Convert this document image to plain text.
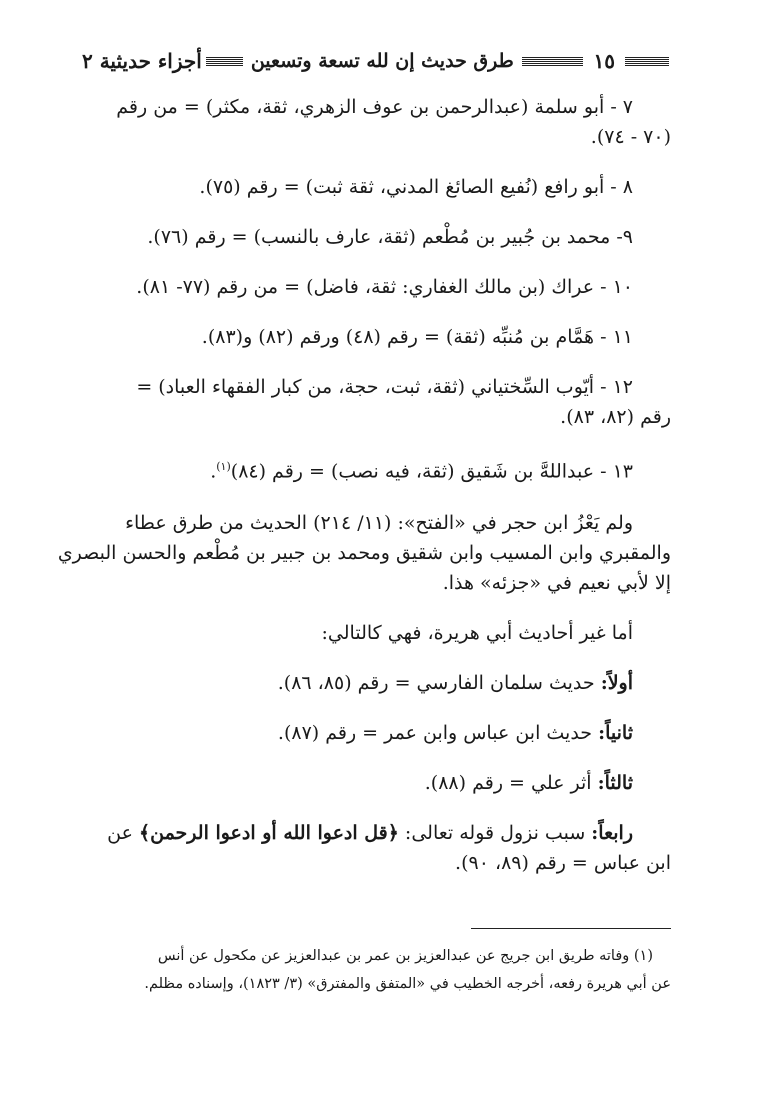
أجزاء حديثية ٢	طرق حديث إن لله تسعة وتسعين	١٥

٧ - أبو سلمة (عبدالرحمن بن عوف الزهري، ثقة، مكثر) = من رقم
(٧٠ - ٧٤).

٨ - أبو رافع (نُفيع الصائغ المدني، ثقة ثبت) = رقم (٧٥).

٩- محمد بن جُبير بن مُطْعم (ثقة، عارف بالنسب) = رقم (٧٦).

١٠ - عراك (بن مالك الغفاري: ثقة، فاضل) = من رقم (٧٧- ٨١).

١١ - هَمَّام بن مُنبِّه (ثقة) = رقم (٤٨) ورقم (٨٢) و(٨٣).

١٢ - أيّوب السِّختياني (ثقة، ثبت، حجة، من كبار الفقهاء العباد) =
رقم (٨٢، ٨٣).

١٣ - عبداللهَّ بن شَقيق (ثقة، فيه نصب) = رقم (٨٤)$^{(١)}$.

ولم يَعْزُ ابن حجر في «الفتح»: (١١/ ٢١٤) الحديث من طرق عطاء
والمقبري وابن المسيب وابن شقيق ومحمد بن جبير بن مُطْعم والحسن البصري
إلا لأبي نعيم في «جزئه» هذا.

أما غير أحاديث أبي هريرة، فهي كالتالي:

أولاً: حديث سلمان الفارسي = رقم (٨٥، ٨٦).

ثانياً: حديث ابن عباس وابن عمر = رقم (٨٧).

ثالثاً: أثر علي = رقم (٨٨).

رابعاً: سبب نزول قوله تعالى: ﴿قل ادعوا الله أو ادعوا الرحمن﴾ عن
ابن عباس = رقم (٨٩، ٩٠).

(١) وفاته طريق ابن جريج عن عبدالعزيز بن عمر بن عبدالعزيز عن مكحول عن أنس
عن أبي هريرة رفعه، أخرجه الخطيب في «المتفق والمفترق» (٣/ ١٨٢٣)، وإسناده مظلم.
